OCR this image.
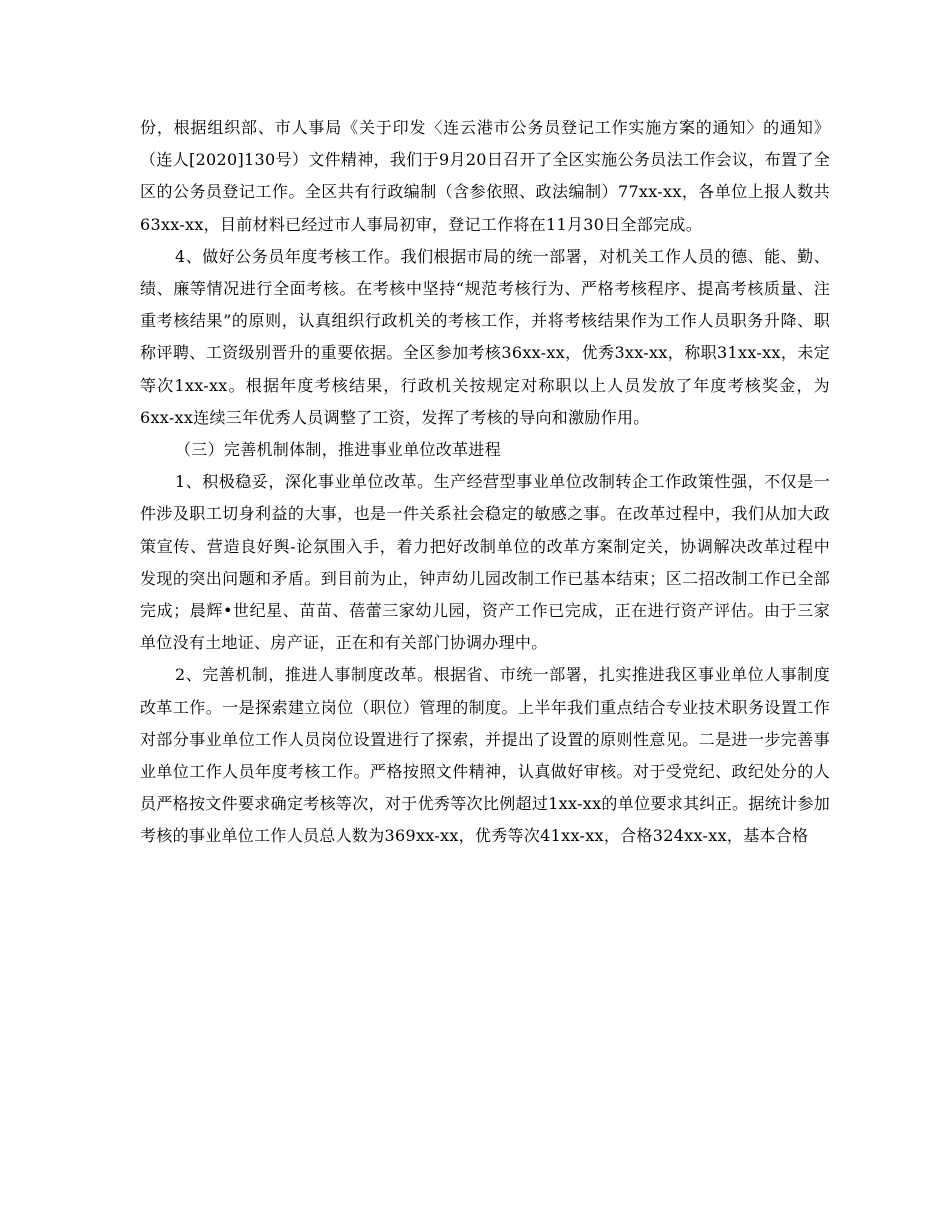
份，根据组织部、市人事局《关于印发〈连云港市公务员登记工作实施方案的通知〉的通知》（连人[2020]130号）文件精神，我们于9月20日召开了全区实施公务员法工作会议，布置了全区的公务员登记工作。全区共有行政编制（含参依照、政法编制）77xx-xx，各单位上报人数共63xx-xx，目前材料已经过市人事局初审，登记工作将在11月30日全部完成。

4、做好公务员年度考核工作。我们根据市局的统一部署，对机关工作人员的德、能、勤、绩、廉等情况进行全面考核。在考核中坚持“规范考核行为、严格考核程序、提高考核质量、注重考核结果”的原则，认真组织行政机关的考核工作，并将考核结果作为工作人员职务升降、职称评聘、工资级别晋升的重要依据。全区参加考核36xx-xx，优秀3xx-xx，称职31xx-xx，未定等次1xx-xx。根据年度考核结果，行政机关按规定对称职以上人员发放了年度考核奖金，为6xx-xx连续三年优秀人员调整了工资，发挥了考核的导向和激励作用。

（三）完善机制体制，推进事业单位改革进程

1、积极稳妥，深化事业单位改革。生产经营型事业单位改制转企工作政策性强，不仅是一件涉及职工切身利益的大事，也是一件关系社会稳定的敏感之事。在改革过程中，我们从加大政策宣传、营造良好舆-论氛围入手，着力把好改制单位的改革方案制定关，协调解决改革过程中发现的突出问题和矛盾。到目前为止，钟声幼儿园改制工作已基本结束；区二招改制工作已全部完成；晨辉•世纪星、苗苗、蓓蕾三家幼儿园，资产工作已完成，正在进行资产评估。由于三家单位没有土地证、房产证，正在和有关部门协调办理中。

2、完善机制，推进人事制度改革。根据省、市统一部署，扎实推进我区事业单位人事制度改革工作。一是探索建立岗位（职位）管理的制度。上半年我们重点结合专业技术职务设置工作对部分事业单位工作人员岗位设置进行了探索，并提出了设置的原则性意见。二是进一步完善事业单位工作人员年度考核工作。严格按照文件精神，认真做好审核。对于受党纪、政纪处分的人员严格按文件要求确定考核等次，对于优秀等次比例超过1xx-xx的单位要求其纠正。据统计参加考核的事业单位工作人员总人数为369xx-xx，优秀等次41xx-xx，合格324xx-xx，基本合格
